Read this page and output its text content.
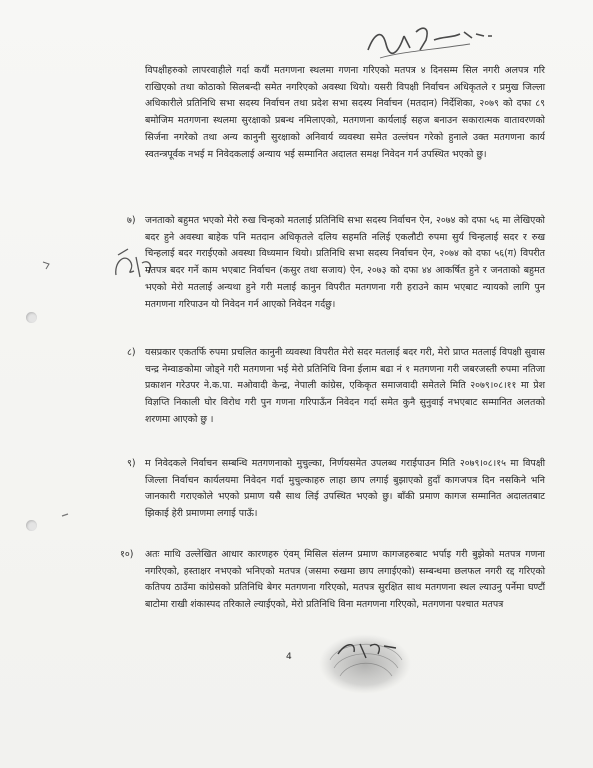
विपक्षीहरुको लापरवाहीले गर्दा कयौं मतगणना स्थलमा गणना गरिएको मतपत्र ४ दिनसम्म सिल नगरी अलपत्र गरि राखिएको तथा कोठाको सिलबन्दी समेत नगरिएको अवस्था थियो। यसरी विपक्षी निर्वाचन अधिकृतले र प्रमुख जिल्ला अधिकारीले प्रतिनिधि सभा सदस्य निर्वाचन तथा प्रदेश सभा सदस्य निर्वाचन (मतदान) निर्देशिका, २०७९ को दफा ८९ बमोजिम मतगणना स्थलमा सुरक्षाको प्रबन्ध नमिलाएको, मतगणना कार्यलाई सहज बनाउन सकारात्मक वातावरणको सिर्जना नगरेको तथा अन्य कानुनी सुरक्षाको अनिवार्य व्यवस्था समेत उल्लंघन गरेको हुनाले उक्त मतगणना कार्य स्वतन्त्रपूर्वक नभई म निवेदकलाई अन्याय भई सम्मानित अदालत समक्ष निवेदन गर्न उपस्थित भएको छु।
७) जनताको बहुमत भएको मेरो रुख चिन्हको मतलाई प्रतिनिधि सभा सदस्य निर्वाचन ऐन, २०७४ को दफा ५६ मा लेखिएको बदर हुने अवस्था बाहेक पनि मतदान अधिकृतले दलिय सहमति नलिई एकलौटी रुपमा सुर्य चिन्हलाई सदर र रुख चिन्हलाई बदर गराईएको अवस्था विध्यमान थियो। प्रतिनिधि सभा सदस्य निर्वाचन ऐन, २०७४ को दफा ५६(ग) विपरीत मतपत्र बदर गर्ने काम भएबाट निर्वाचन (कसुर तथा सजाय) ऐन, २०७३ को दफा ४४ आकर्षित हुने र जनताको बहुमत भएको मेरो मतलाई अन्यथा हुने गरी मलाई कानुन विपरीत मतगणना गरी हराउने काम भएबाट न्यायको लागि पुन मतगणना गरिपाउन यो निवेदन गर्न आएको निवेदन गर्दछु।
८) यसप्रकार एकतर्फि रुपमा प्रचलित कानुनी व्यवस्था विपरीत मेरो सदर मतलाई बदर गरी, मेरो प्राप्त मतलाई विपक्षी सुवास चन्द्र नेम्वाङकोमा जोड्ने गरी मतगणना भई मेरो प्रतिनिधि विना ईलाम बढा नं १ मतगणना गरी जबरजस्ती रुपमा नतिजा प्रकाशन गरेउपर ने.क.पा. मओवादी केन्द्र, नेपाली कांग्रेस, एकिकृत समाजवादी समेतले मिति २०७९।०८।११ मा प्रेश विज्ञप्ति निकाली घोर विरोध गरी पुन गणना गरिपाऊँन निवेदन गर्दा समेत कुनै सुनुवाई नभएबाट सम्मानित अलतको शरणमा आएको छु ।
९) म निवेदकले निर्वाचन सम्बन्धि मतगणनाको मुचुल्का, निर्णयसमेत उपलब्ध गराईपाउन मिति २०७९।०८।१५ मा विपक्षी जिल्ला निर्वाचन कार्यलयमा निवेदन गर्दा मुचुल्काहरु लाहा छाप लगाई बुझाएको हुदाँ कागजपत्र दिन नसकिने भनि जानकारी गराएकोले भएको प्रमाण यसै साथ लिई उपस्थित भएको छु। बाँकी प्रमाण कागज सम्मानित अदालतबाट झिकाई हेरी प्रमाणमा लगाई पाऊँ।
१०) अतः माथि उल्लेखित आधार कारणहरु एंवम् मिसिल संलग्न प्रमाण कागजहरुबाट भर्पाइ गरी बुझेको मतपत्र गणना नगरिएको, हस्ताक्षर नभएको भनिएको मतपत्र (जसमा रुखमा छाप लगाईएको) सम्बन्धमा छलफल नगरी रद्द गरिएको कतिपय ठाउँमा कांग्रेसको प्रतिनिधि बेगर मतगणना गरिएको, मतपत्र सुरक्षित साथ मतगणना स्थल ल्याउनु पर्नेमा घण्टौं बाटोमा राखी शंकास्पद तरिकाले ल्याईएको, मेरो प्रतिनिधि विना मतगणना गरिएको, मतगणना पश्चात मतपत्र
4
